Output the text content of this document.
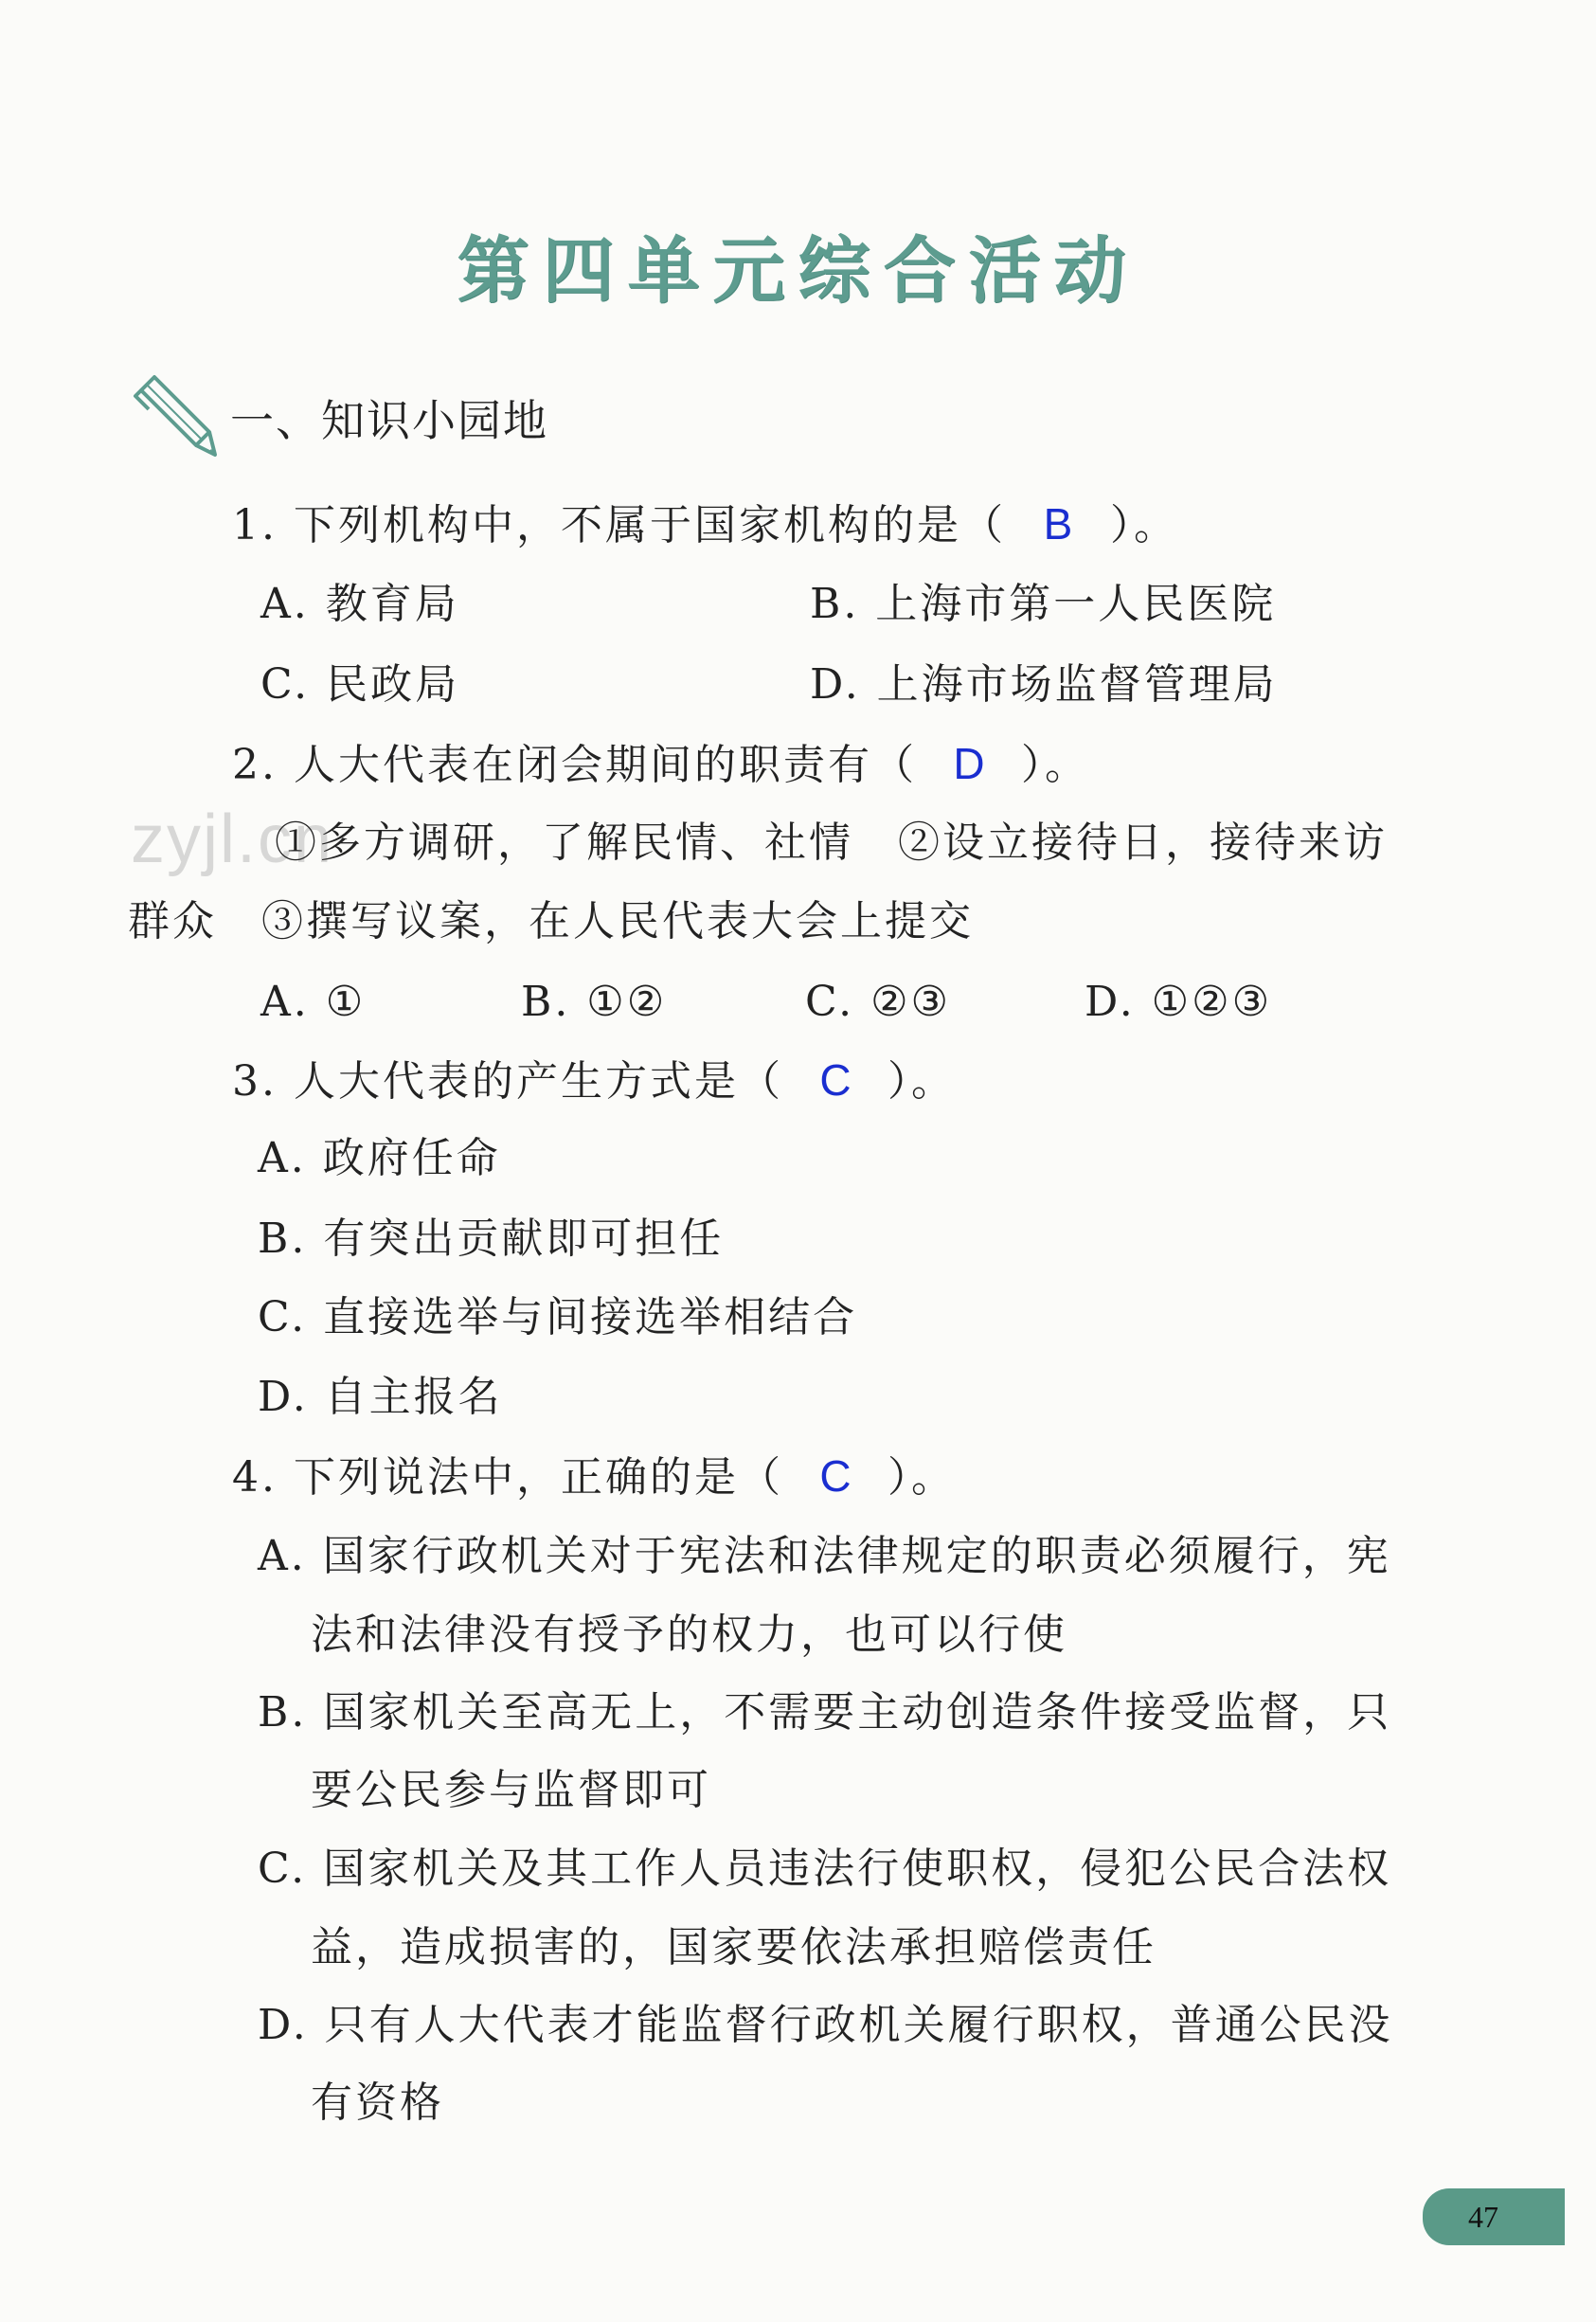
第四单元综合活动
一、知识小园地
1. 下列机构中，不属于国家机构的是（ B ）。
A. 教育局	B. 上海市第一人民医院
C. 民政局	D. 上海市场监督管理局
2. 人大代表在闭会期间的职责有（ D ）。
zyjl.cn
①多方调研，了解民情、社情　②设立接待日，接待来访
群众　③撰写议案，在人民代表大会上提交
A. ①	B. ①②	C. ②③	D. ①②③
3. 人大代表的产生方式是（ C ）。
A. 政府任命
B. 有突出贡献即可担任
C. 直接选举与间接选举相结合
D. 自主报名
4. 下列说法中，正确的是（ C ）。
A. 国家行政机关对于宪法和法律规定的职责必须履行，宪
法和法律没有授予的权力，也可以行使
B. 国家机关至高无上，不需要主动创造条件接受监督，只
要公民参与监督即可
C. 国家机关及其工作人员违法行使职权，侵犯公民合法权
益，造成损害的，国家要依法承担赔偿责任
D. 只有人大代表才能监督行政机关履行职权，普通公民没
有资格
47
